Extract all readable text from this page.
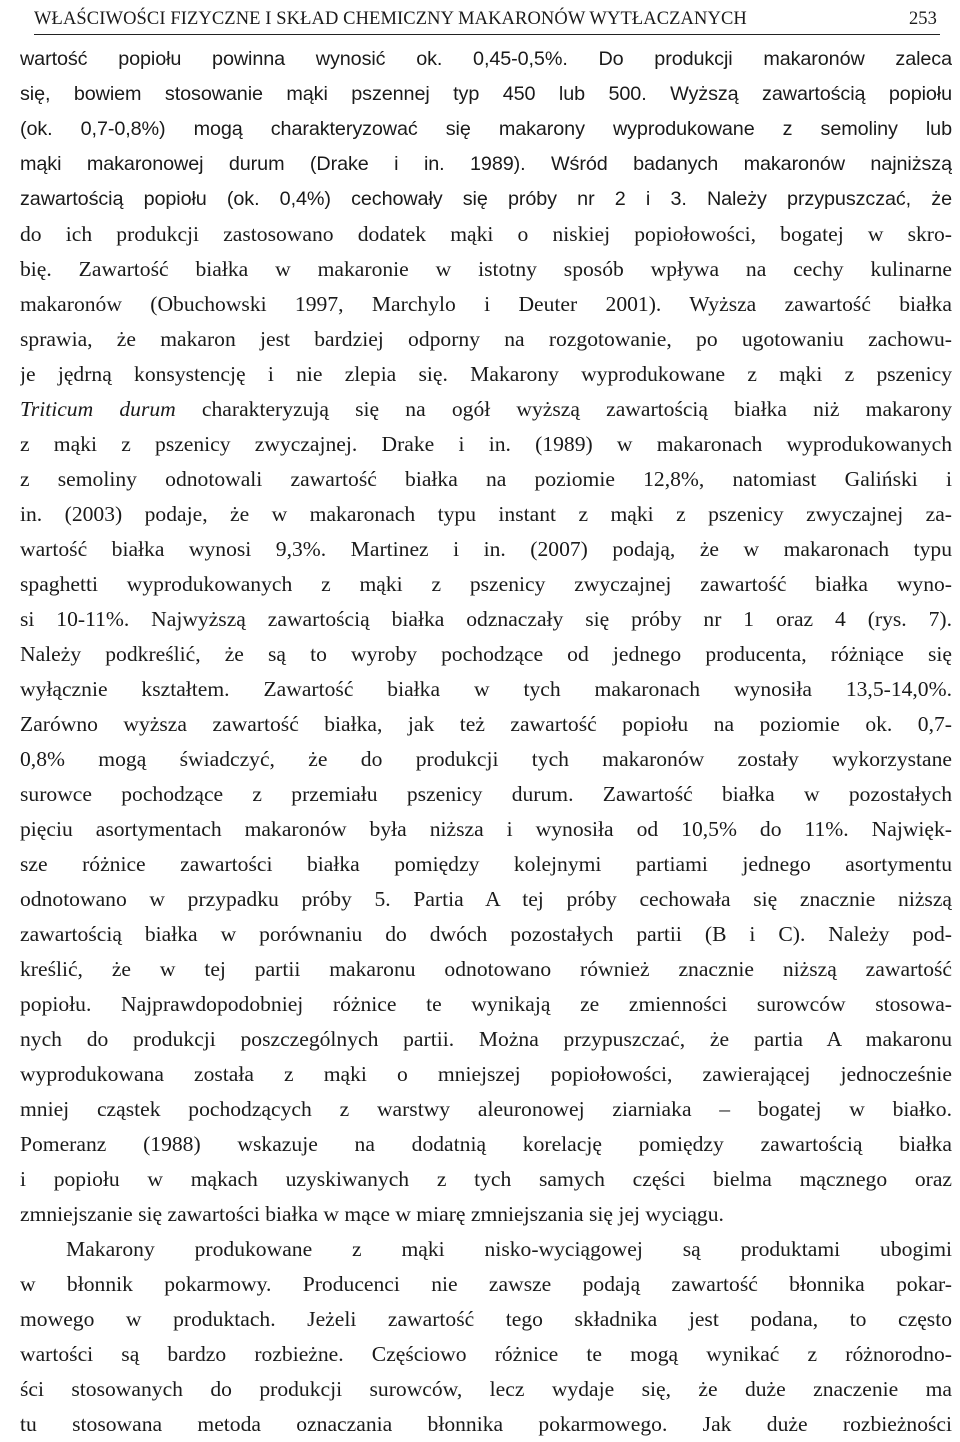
WŁAŚCIWOŚCI FIZYCZNE I SKŁAD CHEMICZNY MAKARONÓW WYTŁACZANYCH	253
wartość popiołu powinna wynosić ok. 0,45-0,5%. Do produkcji makaronów zaleca
się, bowiem stosowanie mąki pszennej typ 450 lub 500. Wyższą zawartością popiołu
(ok. 0,7-0,8%) mogą charakteryzować się makarony wyprodukowane z semoliny lub
mąki makaronowej durum (Drake i in. 1989). Wśród badanych makaronów najniższą
zawartością popiołu (ok. 0,4%) cechowały się próby nr 2 i 3. Należy przypuszczać, że
do ich produkcji zastosowano dodatek mąki o niskiej popiołowości, bogatej w skro-
bię. Zawartość białka w makaronie w istotny sposób wpływa na cechy kulinarne
makaronów (Obuchowski 1997, Marchylo i Deuter 2001). Wyższa zawartość białka
sprawia, że makaron jest bardziej odporny na rozgotowanie, po ugotowaniu zachowu-
je jędrną konsystencję i nie zlepia się. Makarony wyprodukowane z mąki z pszenicy
Triticum durum charakteryzują się na ogół wyższą zawartością białka niż makarony
z mąki z pszenicy zwyczajnej. Drake i in. (1989) w makaronach wyprodukowanych
z semoliny odnotowali zawartość białka na poziomie 12,8%, natomiast Galiński i
in. (2003) podaje, że w makaronach typu instant z mąki z pszenicy zwyczajnej za-
wartość białka wynosi 9,3%. Martinez i in. (2007) podają, że w makaronach typu
spaghetti wyprodukowanych z mąki z pszenicy zwyczajnej zawartość białka wyno-
si 10-11%. Najwyższą zawartością białka odznaczały się próby nr 1 oraz 4 (rys. 7).
Należy podkreślić, że są to wyroby pochodzące od jednego producenta, różniące się
wyłącznie kształtem. Zawartość białka w tych makaronach wynosiła 13,5-14,0%.
Zarówno wyższa zawartość białka, jak też zawartość popiołu na poziomie ok. 0,7-
0,8% mogą świadczyć, że do produkcji tych makaronów zostały wykorzystane
surowce pochodzące z przemiału pszenicy durum. Zawartość białka w pozostałych
pięciu asortymentach makaronów była niższa i wynosiła od 10,5% do 11%. Najwięk-
sze różnice zawartości białka pomiędzy kolejnymi partiami jednego asortymentu
odnotowano w przypadku próby 5. Partia A tej próby cechowała się znacznie niższą
zawartością białka w porównaniu do dwóch pozostałych partii (B i C). Należy pod-
kreślić, że w tej partii makaronu odnotowano również znacznie niższą zawartość
popiołu. Najprawdopodobniej różnice te wynikają ze zmienności surowców stosowa-
nych do produkcji poszczególnych partii. Można przypuszczać, że partia A makaronu
wyprodukowana została z mąki o mniejszej popiołowości, zawierającej jednocześnie
mniej cząstek pochodzących z warstwy aleuronowej ziarniaka – bogatej w białko.
Pomeranz (1988) wskazuje na dodatnią korelację pomiędzy zawartością białka
i popiołu w mąkach uzyskiwanych z tych samych części bielma mącznego oraz
zmniejszanie się zawartości białka w mące w miarę zmniejszania się jej wyciągu.
Makarony produkowane z mąki nisko-wyciągowej są produktami ubogimi
w błonnik pokarmowy. Producenci nie zawsze podają zawartość błonnika pokar-
mowego w produktach. Jeżeli zawartość tego składnika jest podana, to często
wartości są bardzo rozbieżne. Częściowo różnice te mogą wynikać z różnorodno-
ści stosowanych do produkcji surowców, lecz wydaje się, że duże znaczenie ma
tu stosowana metoda oznaczania błonnika pokarmowego. Jak duże rozbieżności
